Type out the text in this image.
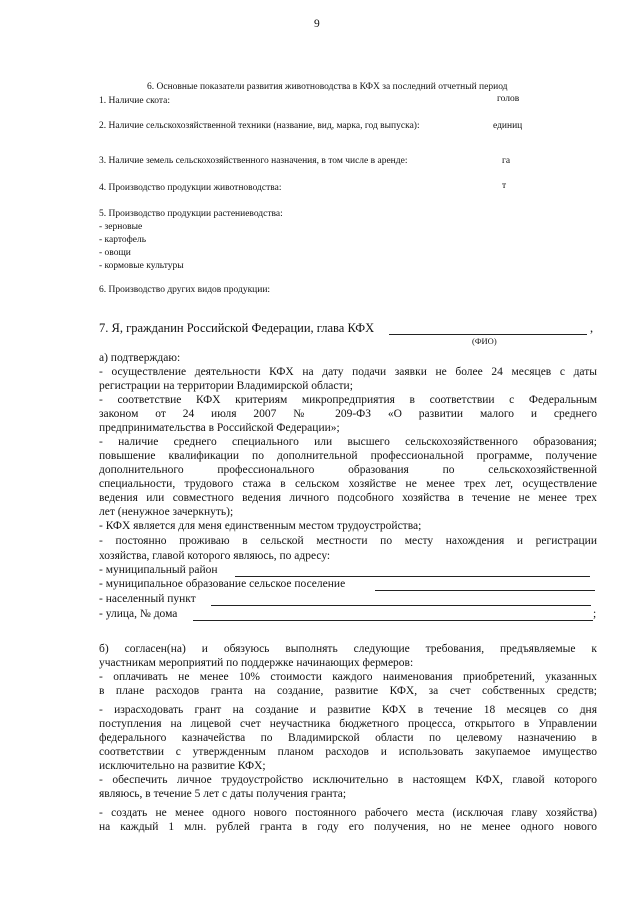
9
6. Основные показатели развития животноводства в КФХ за последний отчетный период
1. Наличие скота:	голов
2. Наличие сельскохозяйственной техники (название, вид, марка, год выпуска):	единиц
3. Наличие земель сельскохозяйственного назначения, в том числе в аренде:	га
4. Производство продукции животноводства:	т
5. Производство продукции растениеводства:
- зерновые
- картофель
- овощи
- кормовые культуры
6. Производство других видов продукции:
7. Я, гражданин Российской Федерации, глава КФХ	,
(ФИО)
а) подтверждаю:
- осуществление деятельности КФХ на дату подачи заявки не более 24 месяцев с даты
регистрации на территории Владимирской области;
- соответствие КФХ критериям микропредприятия в соответствии с Федеральным
законом от 24 июля 2007 № 209-ФЗ «О развитии малого и среднего
предпринимательства в Российской Федерации»;
- наличие среднего специального или высшего сельскохозяйственного образования;
повышение квалификации по дополнительной профессиональной программе, получение
дополнительного профессионального образования по сельскохозяйственной
специальности, трудового стажа в сельском хозяйстве не менее трех лет, осуществление
ведения или совместного ведения личного подсобного хозяйства в течение не менее трех
лет (ненужное зачеркнуть);
- КФХ является для меня единственным местом трудоустройства;
- постоянно проживаю в сельской местности по месту нахождения и регистрации
хозяйства, главой которого являюсь, по адресу:
- муниципальный район
- муниципальное образование сельское поселение
- населенный пункт
- улица, № дома	;
б) согласен(на) и обязуюсь выполнять следующие требования, предъявляемые к
участникам мероприятий по поддержке начинающих фермеров:
- оплачивать не менее 10% стоимости каждого наименования приобретений, указанных
в плане расходов гранта на создание, развитие КФХ, за счет собственных средств;
- израсходовать грант на создание и развитие КФХ в течение 18 месяцев со дня
поступления на лицевой счет неучастника бюджетного процесса, открытого в Управлении
федерального казначейства по Владимирской области по целевому назначению в
соответствии с утвержденным планом расходов и использовать закупаемое имущество
исключительно на развитие КФХ;
- обеспечить личное трудоустройство исключительно в настоящем КФХ, главой которого
являюсь, в течение 5 лет с даты получения гранта;
- создать не менее одного нового постоянного рабочего места (исключая главу хозяйства)
на каждый 1 млн. рублей гранта в году его получения, но не менее одного нового
